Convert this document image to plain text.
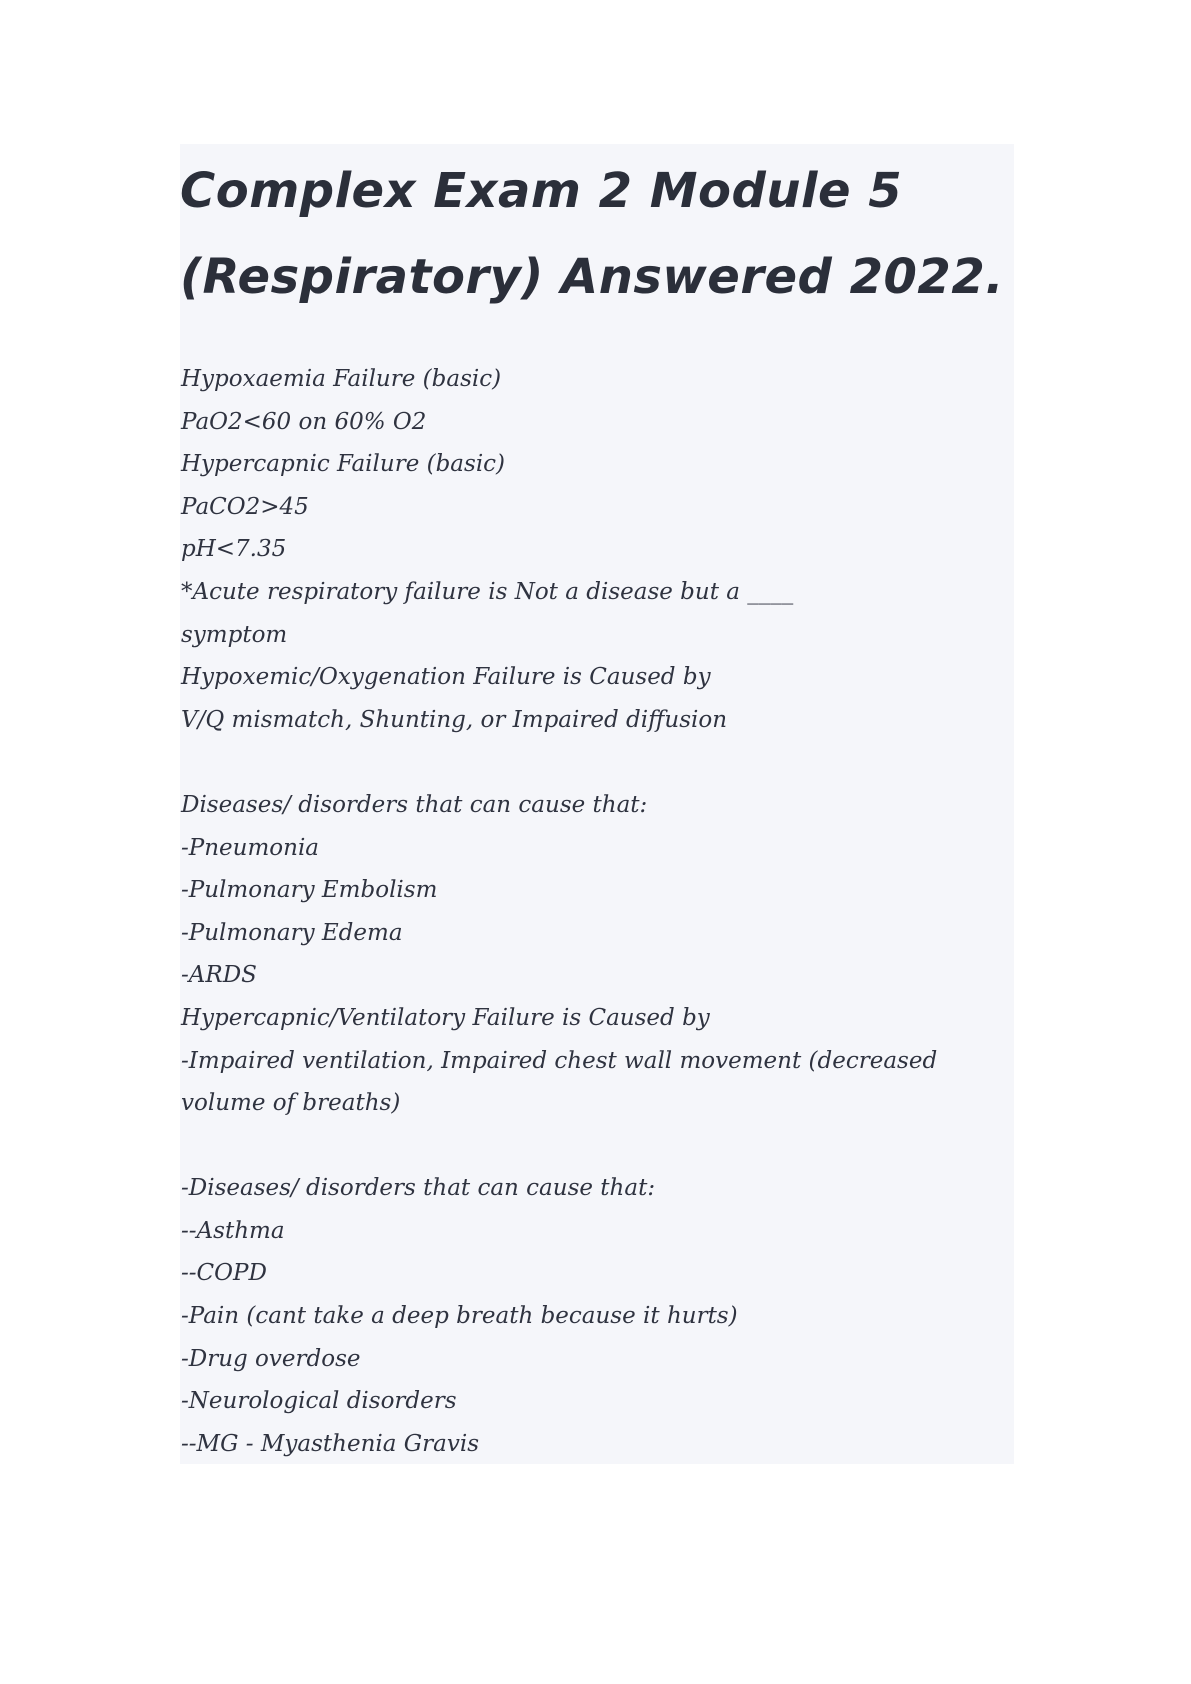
Complex Exam 2 Module 5
(Respiratory) Answered 2022.
Hypoxaemia Failure (basic)
PaO2<60 on 60% O2
Hypercapnic Failure (basic)
PaCO2>45
pH<7.35
*Acute respiratory failure is Not a disease but a ____
symptom
Hypoxemic/Oxygenation Failure is Caused by
V/Q mismatch, Shunting, or Impaired diffusion
Diseases/ disorders that can cause that:
-Pneumonia
-Pulmonary Embolism
-Pulmonary Edema
-ARDS
Hypercapnic/Ventilatory Failure is Caused by
-Impaired ventilation, Impaired chest wall movement (decreased
volume of breaths)
-Diseases/ disorders that can cause that:
--Asthma
--COPD
-Pain (cant take a deep breath because it hurts)
-Drug overdose
-Neurological disorders
--MG - Myasthenia Gravis
